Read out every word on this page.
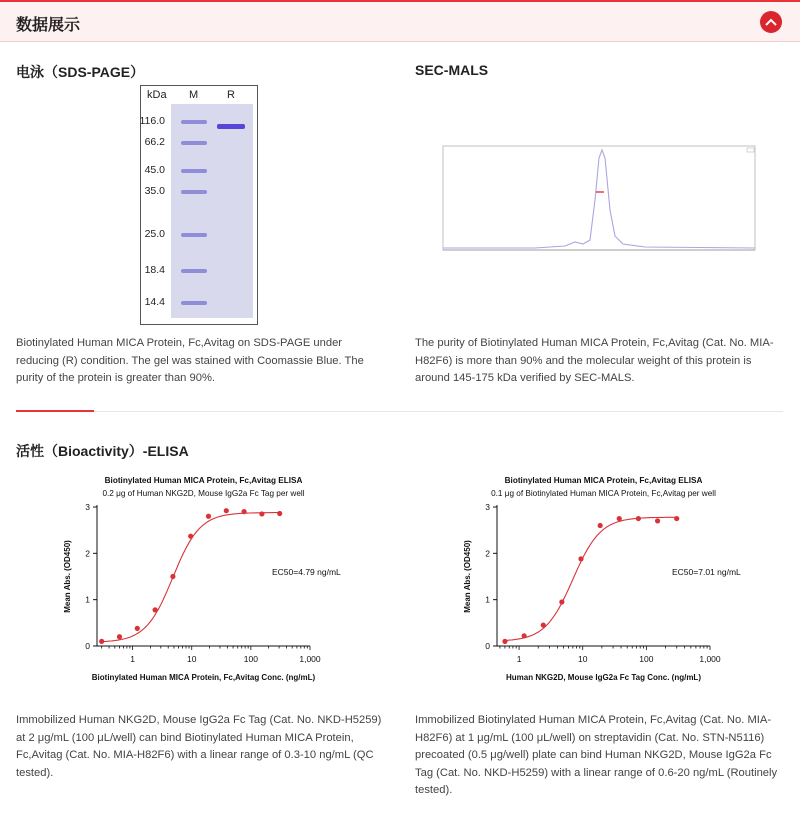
数据展示
电泳（SDS-PAGE）
kDa M	R
116.0
66.2
45.0
35.0
25.0
18.4
14.4
Biotinylated Human MICA Protein, Fc,Avitag on SDS-PAGE under reducing (R) condition. The gel was stained with Coomassie Blue. The purity of the protein is greater than 90%.
SEC-MALS
The purity of Biotinylated Human MICA Protein, Fc,Avitag (Cat. No. MIA-H82F6) is more than 90% and the molecular weight of this protein is around 145-175 kDa verified by SEC-MALS.
活性（Bioactivity）-ELISA
Biotinylated Human MICA Protein, Fc,Avitag ELISA
0.2 μg of Human NKG2D, Mouse IgG2a Fc Tag per well
0
1
2
3
1	10	100	1,000
Biotinylated Human MICA Protein, Fc,Avitag Conc. (ng/mL)
Mean Abs. (OD450)	EC50=4.79 ng/mL
Biotinylated Human MICA Protein, Fc,Avitag ELISA
0.1 μg of Biotinylated Human MICA Protein, Fc,Avitag per well
0
1
2
3
1	10	100	1,000
Human NKG2D, Mouse IgG2a Fc Tag Conc. (ng/mL)
Mean Abs. (OD450)	EC50=7.01 ng/mL
Immobilized Human NKG2D, Mouse IgG2a Fc Tag (Cat. No. NKD-H5259) at 2 μg/mL (100 μL/well) can bind Biotinylated Human MICA Protein, Fc,Avitag (Cat. No. MIA-H82F6) with a linear range of 0.3-10 ng/mL (QC tested).
Immobilized Biotinylated Human MICA Protein, Fc,Avitag (Cat. No. MIA-H82F6) at 1 μg/mL (100 μL/well) on streptavidin (Cat. No. STN-N5116) precoated (0.5 μg/well) plate can bind Human NKG2D, Mouse IgG2a Fc Tag (Cat. No. NKD-H5259) with a linear range of 0.6-20 ng/mL (Routinely tested).
